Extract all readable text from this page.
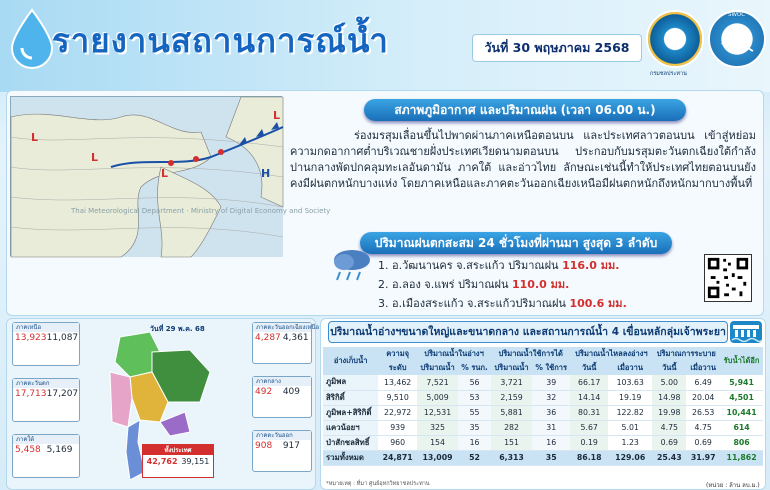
รายงานสถานการณ์น้ำ	วันที่ 30 พฤษภาคม 2568
กรมชลประทาน
SWOC
L
L
L
L
H
Thai Meteorological Department · Ministry of Digital Economy and Society
สภาพภูมิอากาศ และปริมาณฝน (เวลา 06.00 น.)
ร่องมรสุมเลื่อนขึ้นไปพาดผ่านภาคเหนือตอนบน และประเทศลาวตอนบน เข้าสู่หย่อมความกดอากาศต่ำบริเวณชายฝั่งประเทศเวียดนามตอนบน ประกอบกับมรสุมตะวันตกเฉียงใต้กำลังปานกลางพัดปกคลุมทะเลอันดามัน ภาคใต้ และอ่าวไทย ลักษณะเช่นนี้ทำให้ประเทศไทยตอนบนยังคงมีฝนตกหนักบางแห่ง โดยภาคเหนือและภาคตะวันออกเฉียงเหนือมีฝนตกหนักถึงหนักมากบางพื้นที่
ปริมาณฝนตกสะสม 24 ชั่วโมงที่ผ่านมา สูงสุด 3 ลำดับ
1. อ.วัฒนานคร จ.สระแก้ว ปริมาณฝน 116.0 มม.
2. อ.ลอง จ.แพร่ ปริมาณฝน 110.0 มม.
3. อ.เมืองสระแก้ว จ.สระแก้วปริมาณฝน 100.6 มม.
วันที่ 29 พ.ค. 68
ภาคเหนือ
13,92311,087
ภาคตะวันตก
17,71317,207
ภาคใต้
5,458 5,169
ภาคตะวันออกเฉียงเหนือ
4,287 4,361
ภาคกลาง
492 409
ภาคตะวันออก
908 917
ทั้งประเทศ
42,762 39,151
ปริมาณน้ำอ่างฯขนาดใหญ่และขนาดกลาง และสถานการณ์น้ำ 4 เขื่อนหลักลุ่มเจ้าพระยา
อ่างเก็บน้ำ	ความจุ	ปริมาณน้ำในอ่างฯ		ปริมาณน้ำใช้การได้		ปริมาณน้ำไหลลงอ่างฯ		ปริมาณการระบาย		รับน้ำได้อีก
	ระดับ	ปริมาณน้ำ	% รนก.	ปริมาณน้ำ	% ใช้การ	วันนี้	เมื่อวาน	วันนี้	เมื่อวาน	
ภูมิพล	13,462	7,521	56	3,721	39	66.17	103.63	5.00	6.49	5,941
สิริกิติ์	9,510	5,009	53	2,159	32	14.14	19.19	14.98	20.04	4,501
ภูมิพล+สิริกิติ์	22,972	12,531	55	5,881	36	80.31	122.82	19.98	26.53	10,441
แควน้อยฯ	939	325	35	282	31	5.67	5.01	4.75	4.75	614
ป่าสักชลสิทธิ์	960	154	16	151	16	0.19	1.23	0.69	0.69	806
รวมทั้งหมด	24,871	13,009	52	6,313	35	86.18	129.06	25.43	31.97	11,862
*หมายเหตุ : ที่มา ศูนย์อุทกวิทยาชลประทาน	(หน่วย : ล้าน ลบ.ม.)
